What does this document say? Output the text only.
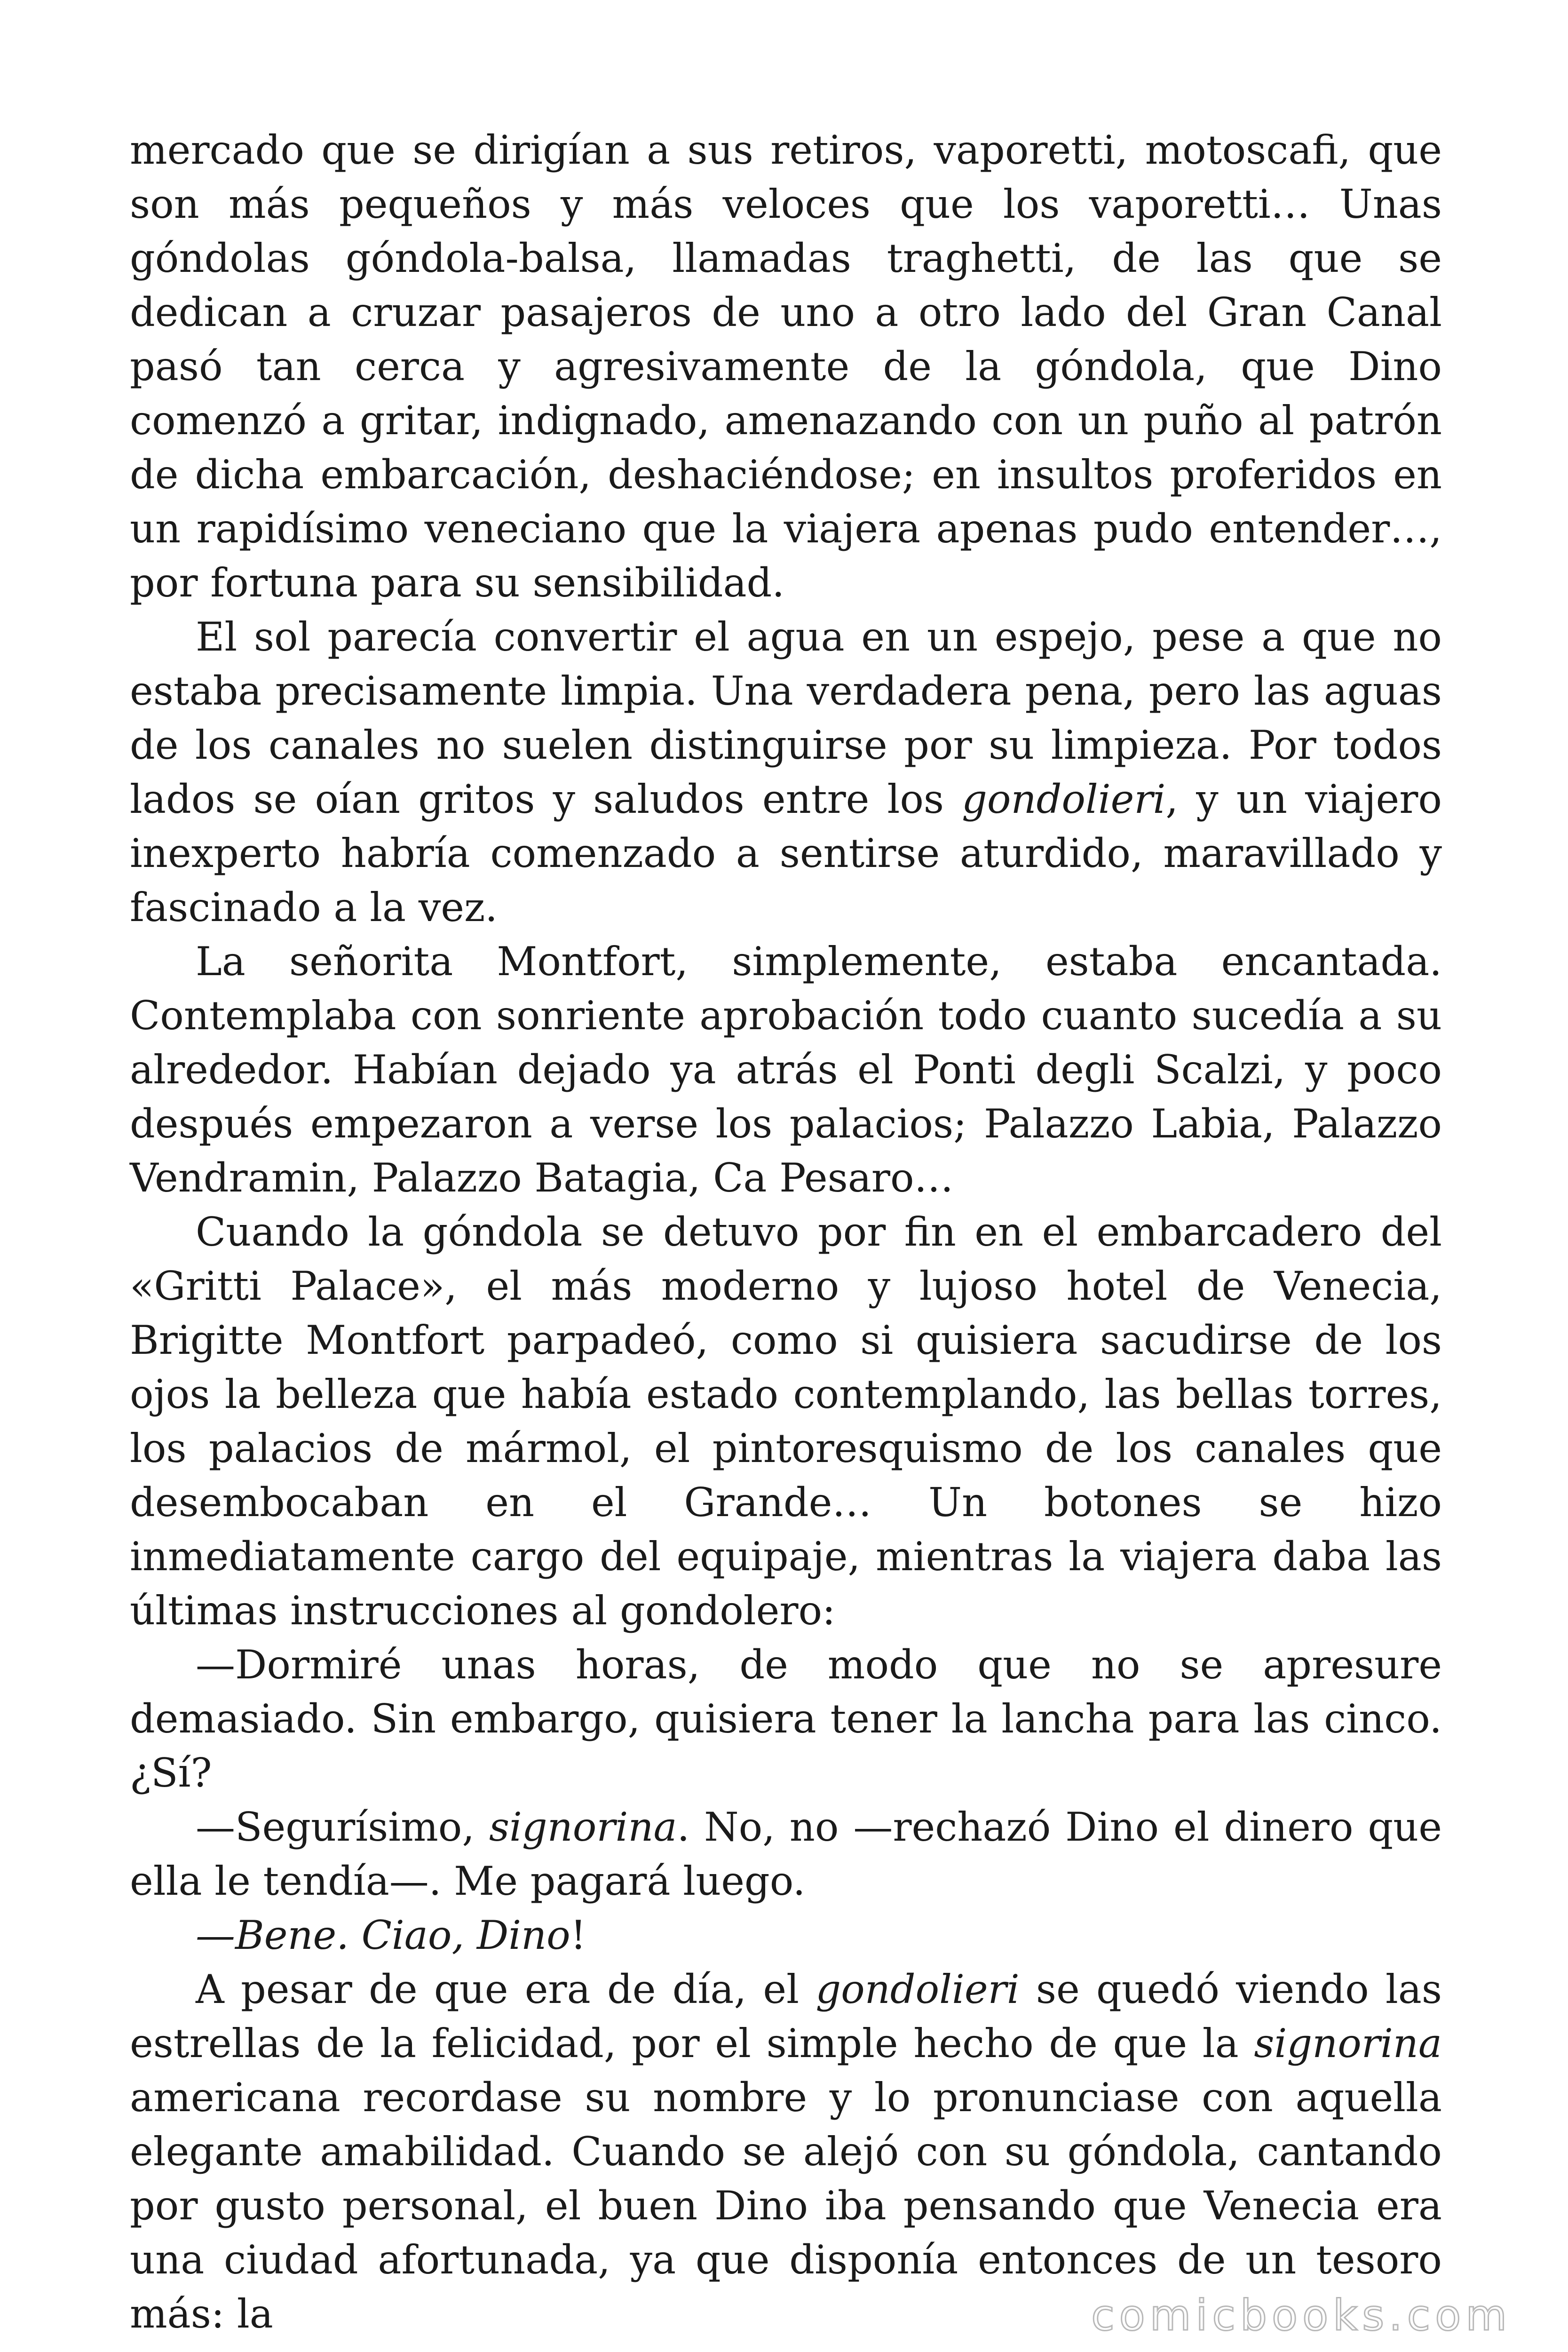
mercado que se dirigían a sus retiros, vaporetti, motoscafi, que son más pequeños y más veloces que los vaporetti… Unas góndolas góndola-balsa, llamadas traghetti, de las que se dedican a cruzar pasajeros de uno a otro lado del Gran Canal pasó tan cerca y agresivamente de la góndola, que Dino comenzó a gritar, indignado, amenazando con un puño al patrón de dicha embarcación, deshaciéndose; en insultos proferidos en un rapidísimo veneciano que la viajera apenas pudo entender…, por fortuna para su sensibilidad.

El sol parecía convertir el agua en un espejo, pese a que no estaba precisamente limpia. Una verdadera pena, pero las aguas de los canales no suelen distinguirse por su limpieza. Por todos lados se oían gritos y saludos entre los gondolieri, y un viajero inexperto habría comenzado a sentirse aturdido, maravillado y fascinado a la vez.

La señorita Montfort, simplemente, estaba encantada. Contemplaba con sonriente aprobación todo cuanto sucedía a su alrededor. Habían dejado ya atrás el Ponti degli Scalzi, y poco después empezaron a verse los palacios; Palazzo Labia, Palazzo Vendramin, Palazzo Batagia, Ca Pesaro…

Cuando la góndola se detuvo por fin en el embarcadero del «Gritti Palace», el más moderno y lujoso hotel de Venecia, Brigitte Montfort parpadeó, como si quisiera sacudirse de los ojos la belleza que había estado contemplando, las bellas torres, los palacios de mármol, el pintoresquismo de los canales que desembocaban en el Grande… Un botones se hizo inmediatamente cargo del equipaje, mientras la viajera daba las últimas instrucciones al gondolero:

—Dormiré unas horas, de modo que no se apresure demasiado. Sin embargo, quisiera tener la lancha para las cinco. ¿Sí?

—Segurísimo, signorina. No, no —rechazó Dino el dinero que ella le tendía—. Me pagará luego.

—Bene. Ciao, Dino!

A pesar de que era de día, el gondolieri se quedó viendo las estrellas de la felicidad, por el simple hecho de que la signorina americana recordase su nombre y lo pronunciase con aquella elegante amabilidad. Cuando se alejó con su góndola, cantando por gusto personal, el buen Dino iba pensando que Venecia era una ciudad afortunada, ya que disponía entonces de un tesoro más: la	comicbooks.com
